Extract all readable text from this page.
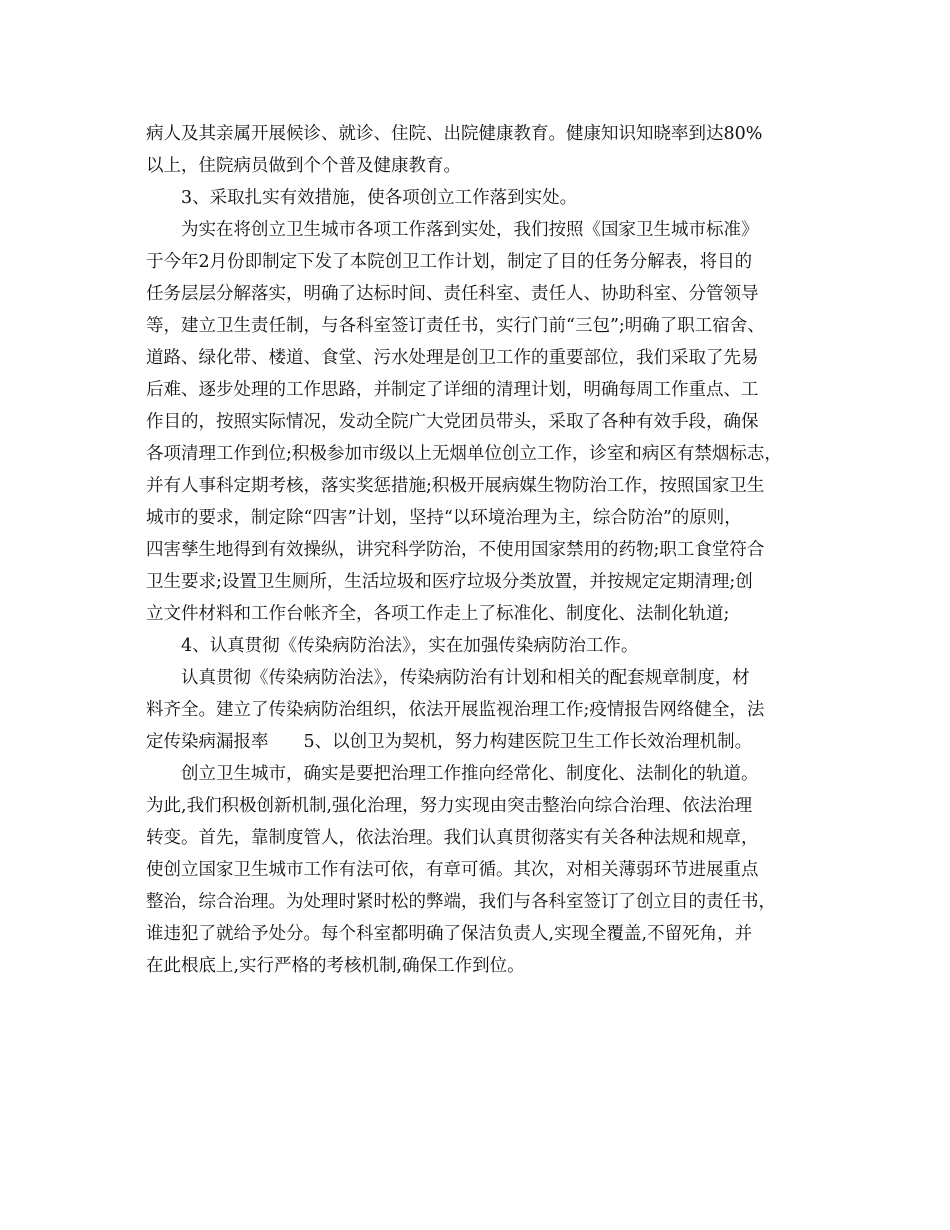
病人及其亲属开展候诊、就诊、住院、出院健康教育。健康知识知晓率到达80%
以上，住院病员做到个个普及健康教育。
3、采取扎实有效措施，使各项创立工作落到实处。
为实在将创立卫生城市各项工作落到实处，我们按照《国家卫生城市标准》
于今年2月份即制定下发了本院创卫工作计划，制定了目的任务分解表，将目的
任务层层分解落实，明确了达标时间、责任科室、责任人、协助科室、分管领导
等，建立卫生责任制，与各科室签订责任书，实行门前“三包”;明确了职工宿舍、
道路、绿化带、楼道、食堂、污水处理是创卫工作的重要部位，我们采取了先易
后难、逐步处理的工作思路，并制定了详细的清理计划，明确每周工作重点、工
作目的，按照实际情况，发动全院广大党团员带头，采取了各种有效手段，确保
各项清理工作到位;积极参加市级以上无烟单位创立工作，诊室和病区有禁烟标志，
并有人事科定期考核，落实奖惩措施;积极开展病媒生物防治工作，按照国家卫生
城市的要求，制定除“四害”计划，坚持“以环境治理为主，综合防治”的原则，
四害孳生地得到有效操纵，讲究科学防治，不使用国家禁用的药物;职工食堂符合
卫生要求;设置卫生厕所，生活垃圾和医疗垃圾分类放置，并按规定定期清理;创
立文件材料和工作台帐齐全，各项工作走上了标准化、制度化、法制化轨道;
4、认真贯彻《传染病防治法》，实在加强传染病防治工作。
认真贯彻《传染病防治法》，传染病防治有计划和相关的配套规章制度，材
料齐全。建立了传染病防治组织，依法开展监视治理工作;疫情报告网络健全，法
定传染病漏报率　　5、以创卫为契机，努力构建医院卫生工作长效治理机制。
创立卫生城市，确实是要把治理工作推向经常化、制度化、法制化的轨道。
为此,我们积极创新机制,强化治理，努力实现由突击整治向综合治理、依法治理
转变。首先，靠制度管人，依法治理。我们认真贯彻落实有关各种法规和规章，
使创立国家卫生城市工作有法可依，有章可循。其次，对相关薄弱环节进展重点
整治，综合治理。为处理时紧时松的弊端，我们与各科室签订了创立目的责任书，
谁违犯了就给予处分。每个科室都明确了保洁负责人,实现全覆盖,不留死角，并
在此根底上,实行严格的考核机制,确保工作到位。
